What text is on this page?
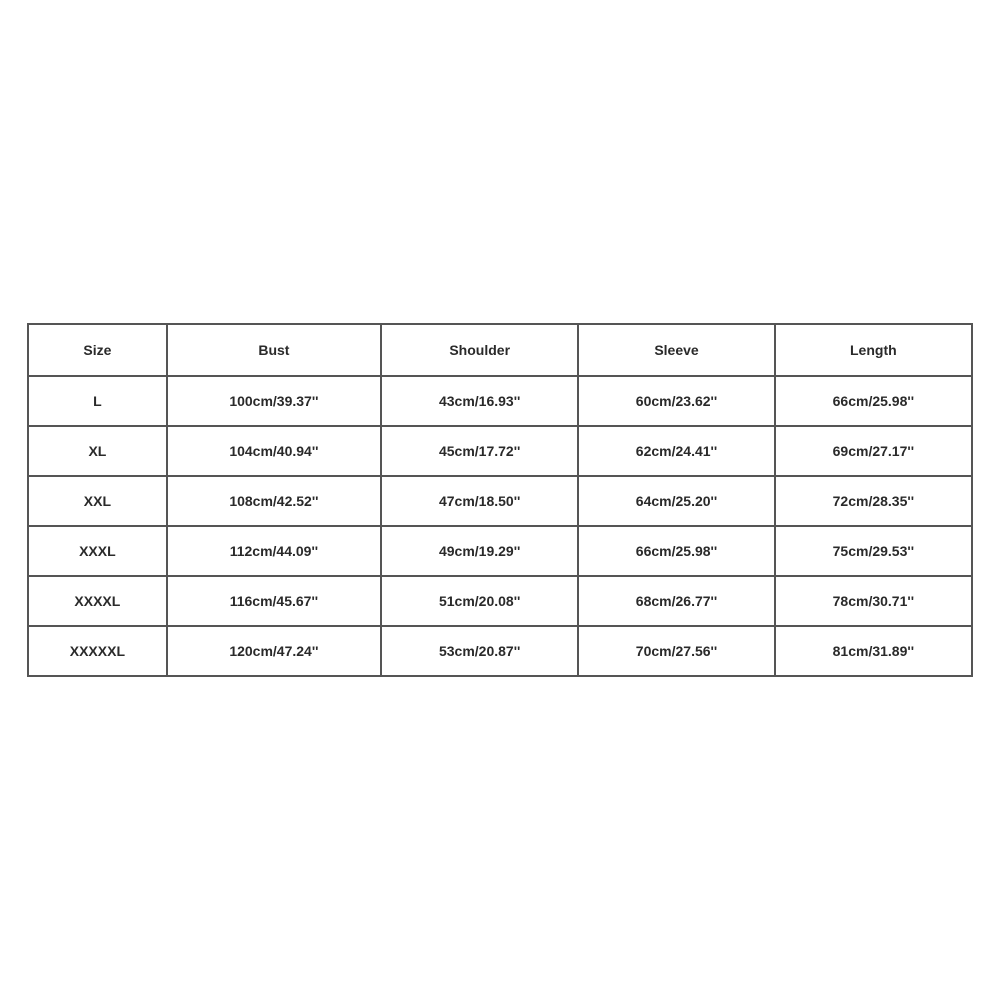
Size	Bust	Shoulder	Sleeve	Length
L	100cm/39.37''	43cm/16.93''	60cm/23.62''	66cm/25.98''
XL	104cm/40.94''	45cm/17.72''	62cm/24.41''	69cm/27.17''
XXL	108cm/42.52''	47cm/18.50''	64cm/25.20''	72cm/28.35''
XXXL	112cm/44.09''	49cm/19.29''	66cm/25.98''	75cm/29.53''
XXXXL	116cm/45.67''	51cm/20.08''	68cm/26.77''	78cm/30.71''
XXXXXL	120cm/47.24''	53cm/20.87''	70cm/27.56''	81cm/31.89''
